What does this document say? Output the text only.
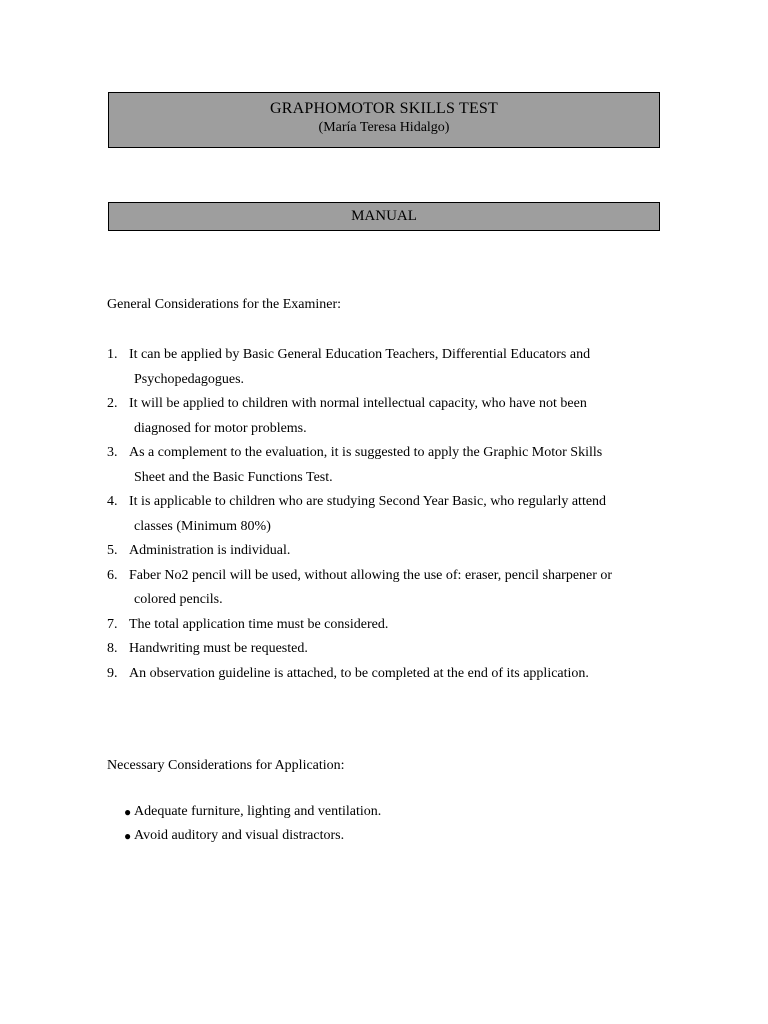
GRAPHOMOTOR SKILLS TEST
(María Teresa Hidalgo)
MANUAL
General Considerations for the Examiner:
1. It can be applied by Basic General Education Teachers, Differential Educators and
Psychopedagogues.
2. It will be applied to children with normal intellectual capacity, who have not been
diagnosed for motor problems.
3. As a complement to the evaluation, it is suggested to apply the Graphic Motor Skills
Sheet and the Basic Functions Test.
4. It is applicable to children who are studying Second Year Basic, who regularly attend
classes (Minimum 80%)
5. Administration is individual.
6. Faber No2 pencil will be used, without allowing the use of: eraser, pencil sharpener or
colored pencils.
7. The total application time must be considered.
8. Handwriting must be requested.
9. An observation guideline is attached, to be completed at the end of its application.
Necessary Considerations for Application:
● Adequate furniture, lighting and ventilation.
● Avoid auditory and visual distractors.
